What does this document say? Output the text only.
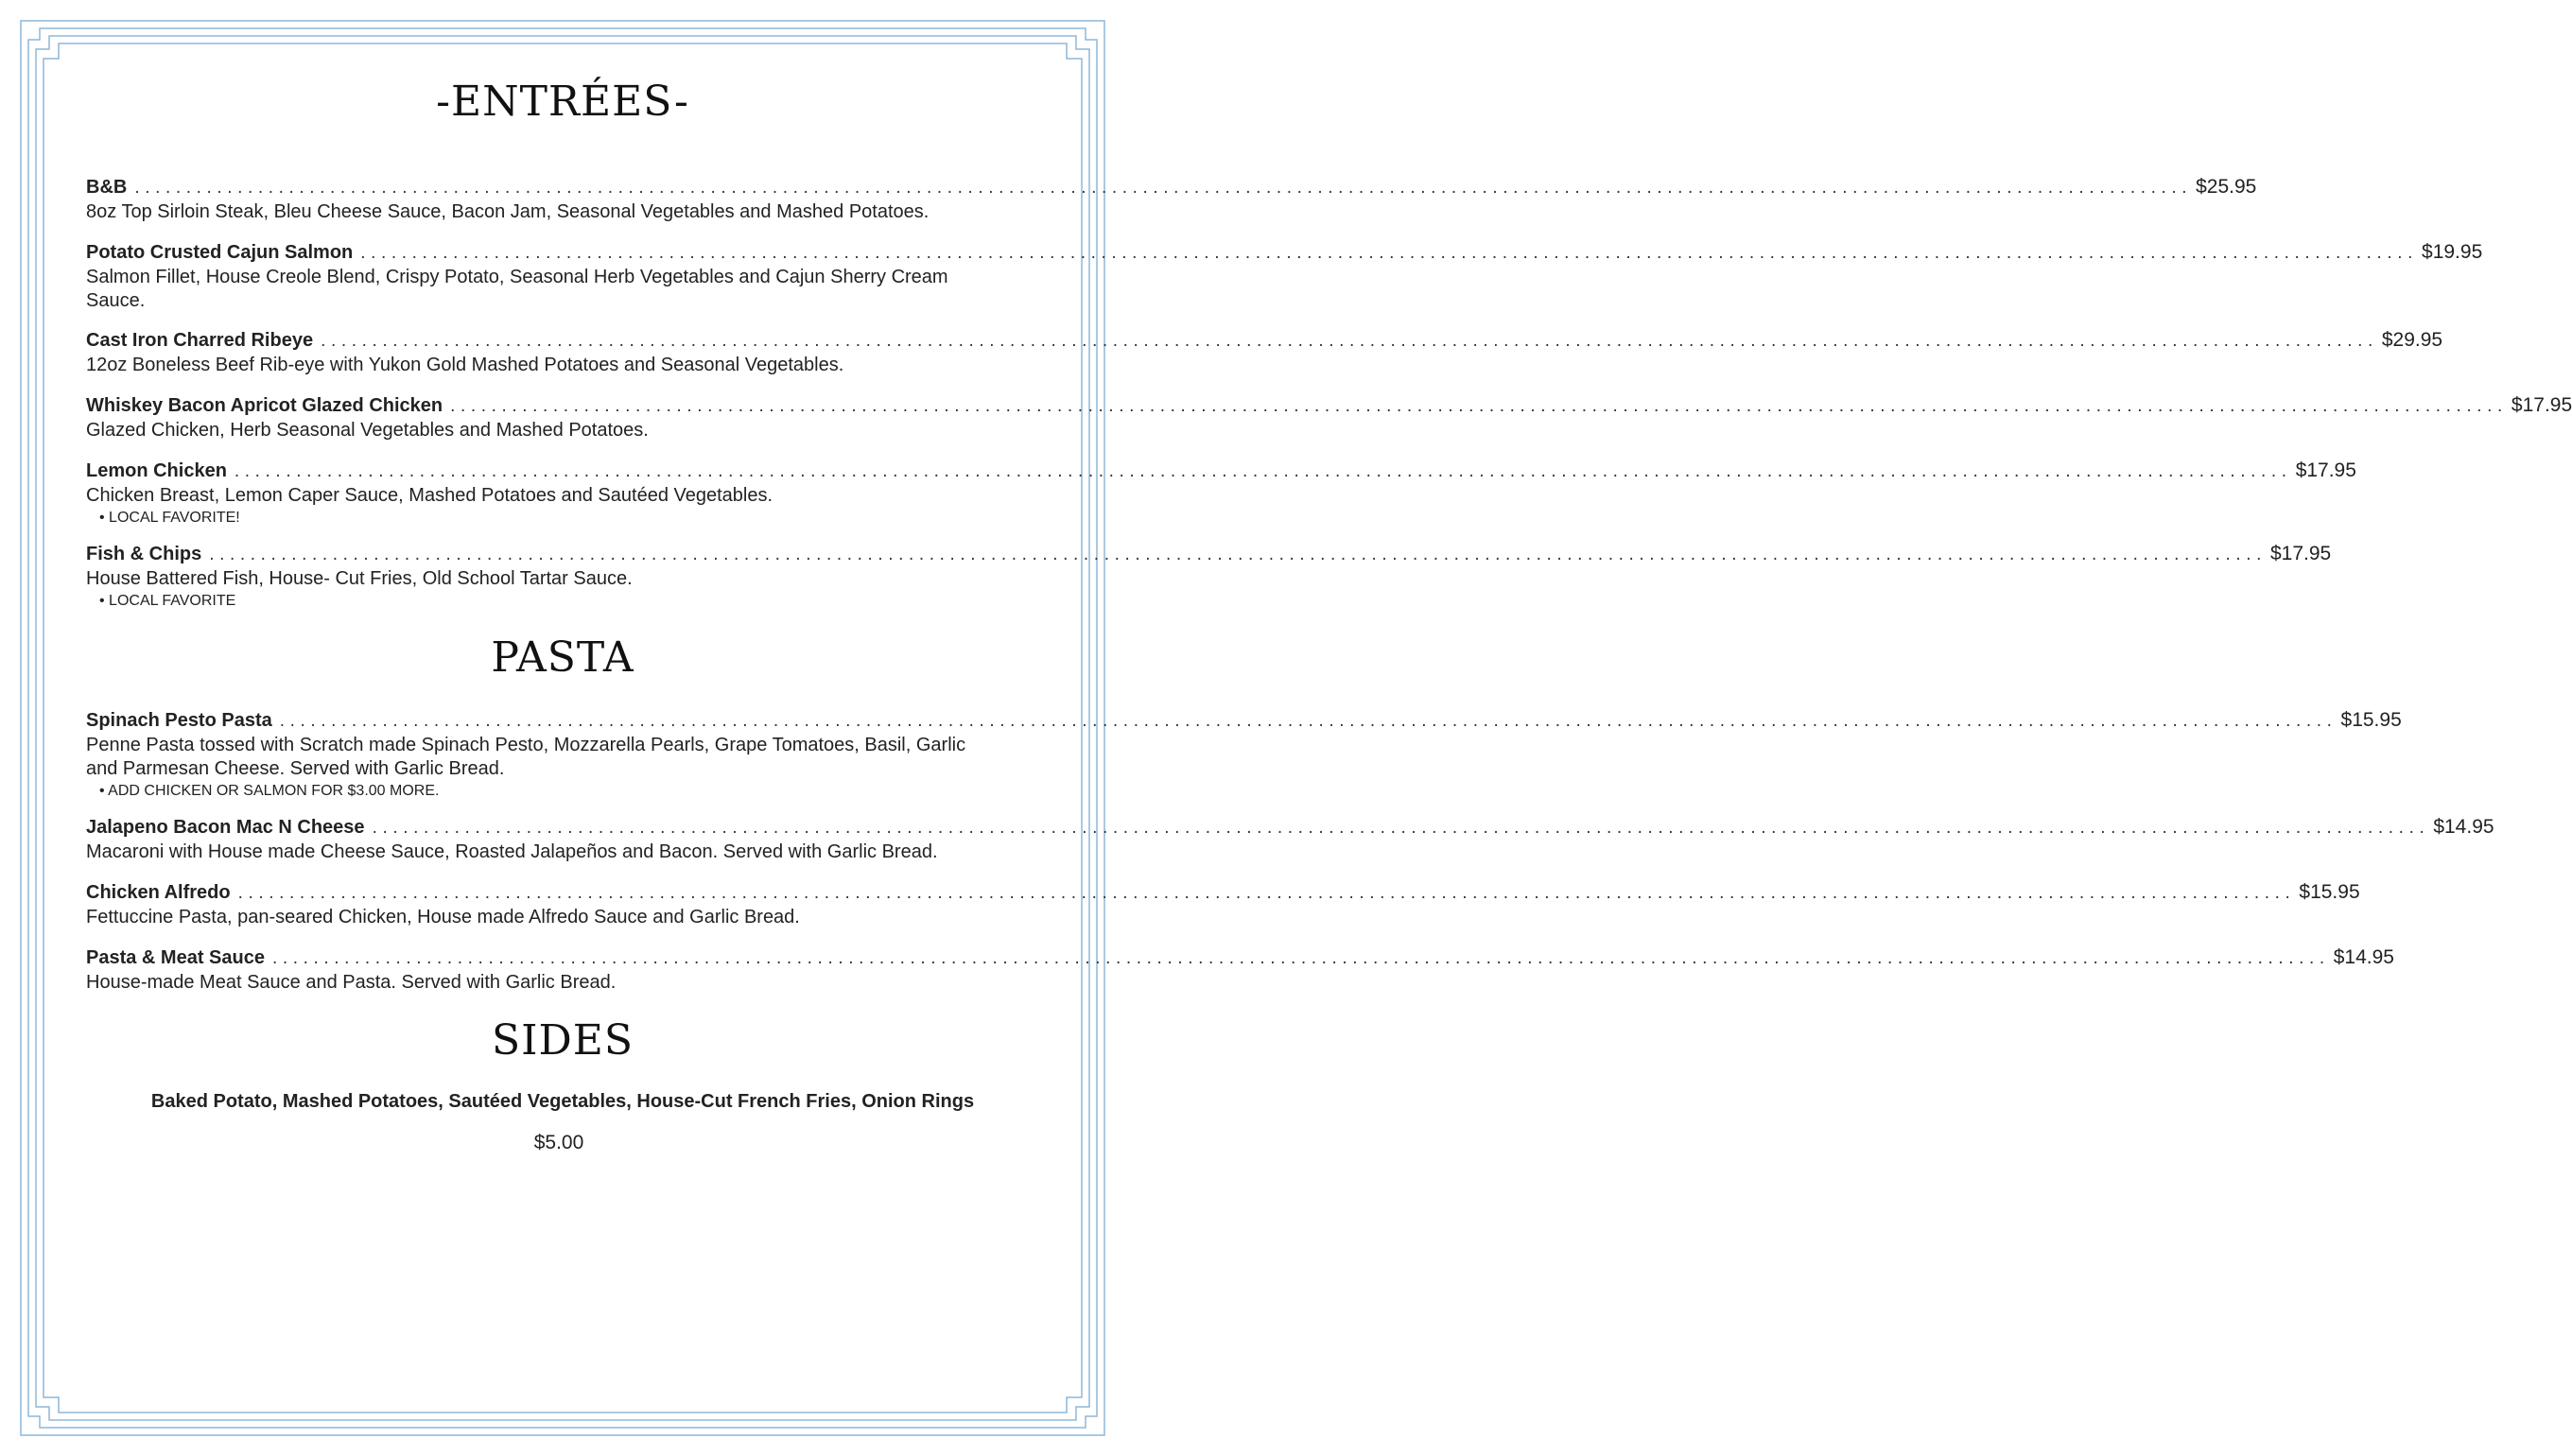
-ENTRÉES-
B&B ........................................................................................................................................................................................................ $25.95
8oz Top Sirloin Steak, Bleu Cheese Sauce, Bacon Jam, Seasonal Vegetables and Mashed Potatoes.
Potato Crusted Cajun Salmon ........................................................................................................................................................................................................ $19.95
Salmon Fillet, House Creole Blend, Crispy Potato, Seasonal Herb Vegetables and Cajun Sherry Cream Sauce.
Cast Iron Charred Ribeye ........................................................................................................................................................................................................ $29.95
12oz Boneless Beef Rib-eye with Yukon Gold Mashed Potatoes and Seasonal Vegetables.
Whiskey Bacon Apricot Glazed Chicken ........................................................................................................................................................................................................ $17.95
Glazed Chicken, Herb Seasonal Vegetables and Mashed Potatoes.
Lemon Chicken ........................................................................................................................................................................................................ $17.95
Chicken Breast, Lemon Caper Sauce, Mashed Potatoes and Sautéed Vegetables.
• LOCAL FAVORITE!
Fish & Chips ........................................................................................................................................................................................................ $17.95
House Battered Fish, House- Cut Fries, Old School Tartar Sauce.
• LOCAL FAVORITE
PASTA
Spinach Pesto Pasta ........................................................................................................................................................................................................ $15.95
Penne Pasta tossed with Scratch made Spinach Pesto, Mozzarella Pearls, Grape Tomatoes, Basil, Garlic and Parmesan Cheese. Served with Garlic Bread.
• ADD CHICKEN OR SALMON FOR $3.00 MORE.
Jalapeno Bacon Mac N Cheese ........................................................................................................................................................................................................ $14.95
Macaroni with House made Cheese Sauce, Roasted Jalapeños and Bacon. Served with Garlic Bread.
Chicken Alfredo ........................................................................................................................................................................................................ $15.95
Fettuccine Pasta, pan-seared Chicken, House made Alfredo Sauce and Garlic Bread.
Pasta & Meat Sauce ........................................................................................................................................................................................................ $14.95
House-made Meat Sauce and Pasta. Served with Garlic Bread.
SIDES
Baked Potato, Mashed Potatoes, Sautéed Vegetables, House-Cut French Fries, Onion Rings
$5.00
